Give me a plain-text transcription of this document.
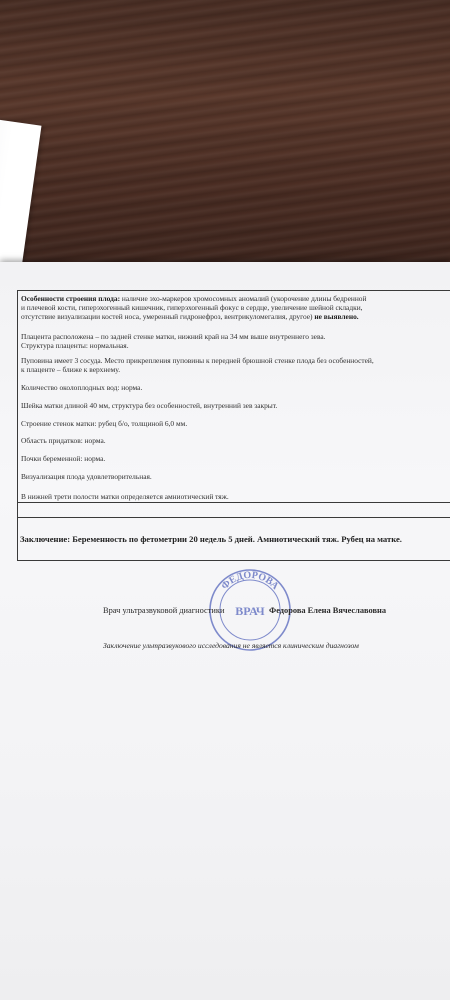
Особенности строения плода: наличие эхо-маркеров хромосомных аномалий (укорочение длины бедренной
и плечевой кости, гиперэхогенный кишечник, гиперэхогенный фокус в сердце, увеличение шейной складки,
отсутствие визуализации костей носа, умеренный гидронефроз, вентрикуломегалия, другое) не выявлено.
Плацента расположена – по задней стенке матки, нижний край на 34 мм выше внутреннего зева.
Структура плаценты: нормальная.
Пуповина имеет 3 сосуда. Место прикрепления пуповины к передней брюшной стенке плода без особенностей,
к плаценте – ближе к верхнему.
Количество околоплодных вод: норма.
Шейка матки длиной 40 мм, структура без особенностей, внутренний зев закрыт.
Строение стенок матки: рубец б/о, толщиной 6,0 мм.
Область придатков: норма.
Почки беременной: норма.
Визуализация плода удовлетворительная.
В нижней трети полости матки определяется амниотический тяж.
Заключение: Беременность по фетометрии 20 недель 5 дней. Амниотический тяж. Рубец на матке.
ФЕДОРОВА
ВРАЧ
Врач ультразвуковой диагностики	Федорова Елена Вячеславовна
Заключение ультразвукового исследования не является клиническим диагнозом
